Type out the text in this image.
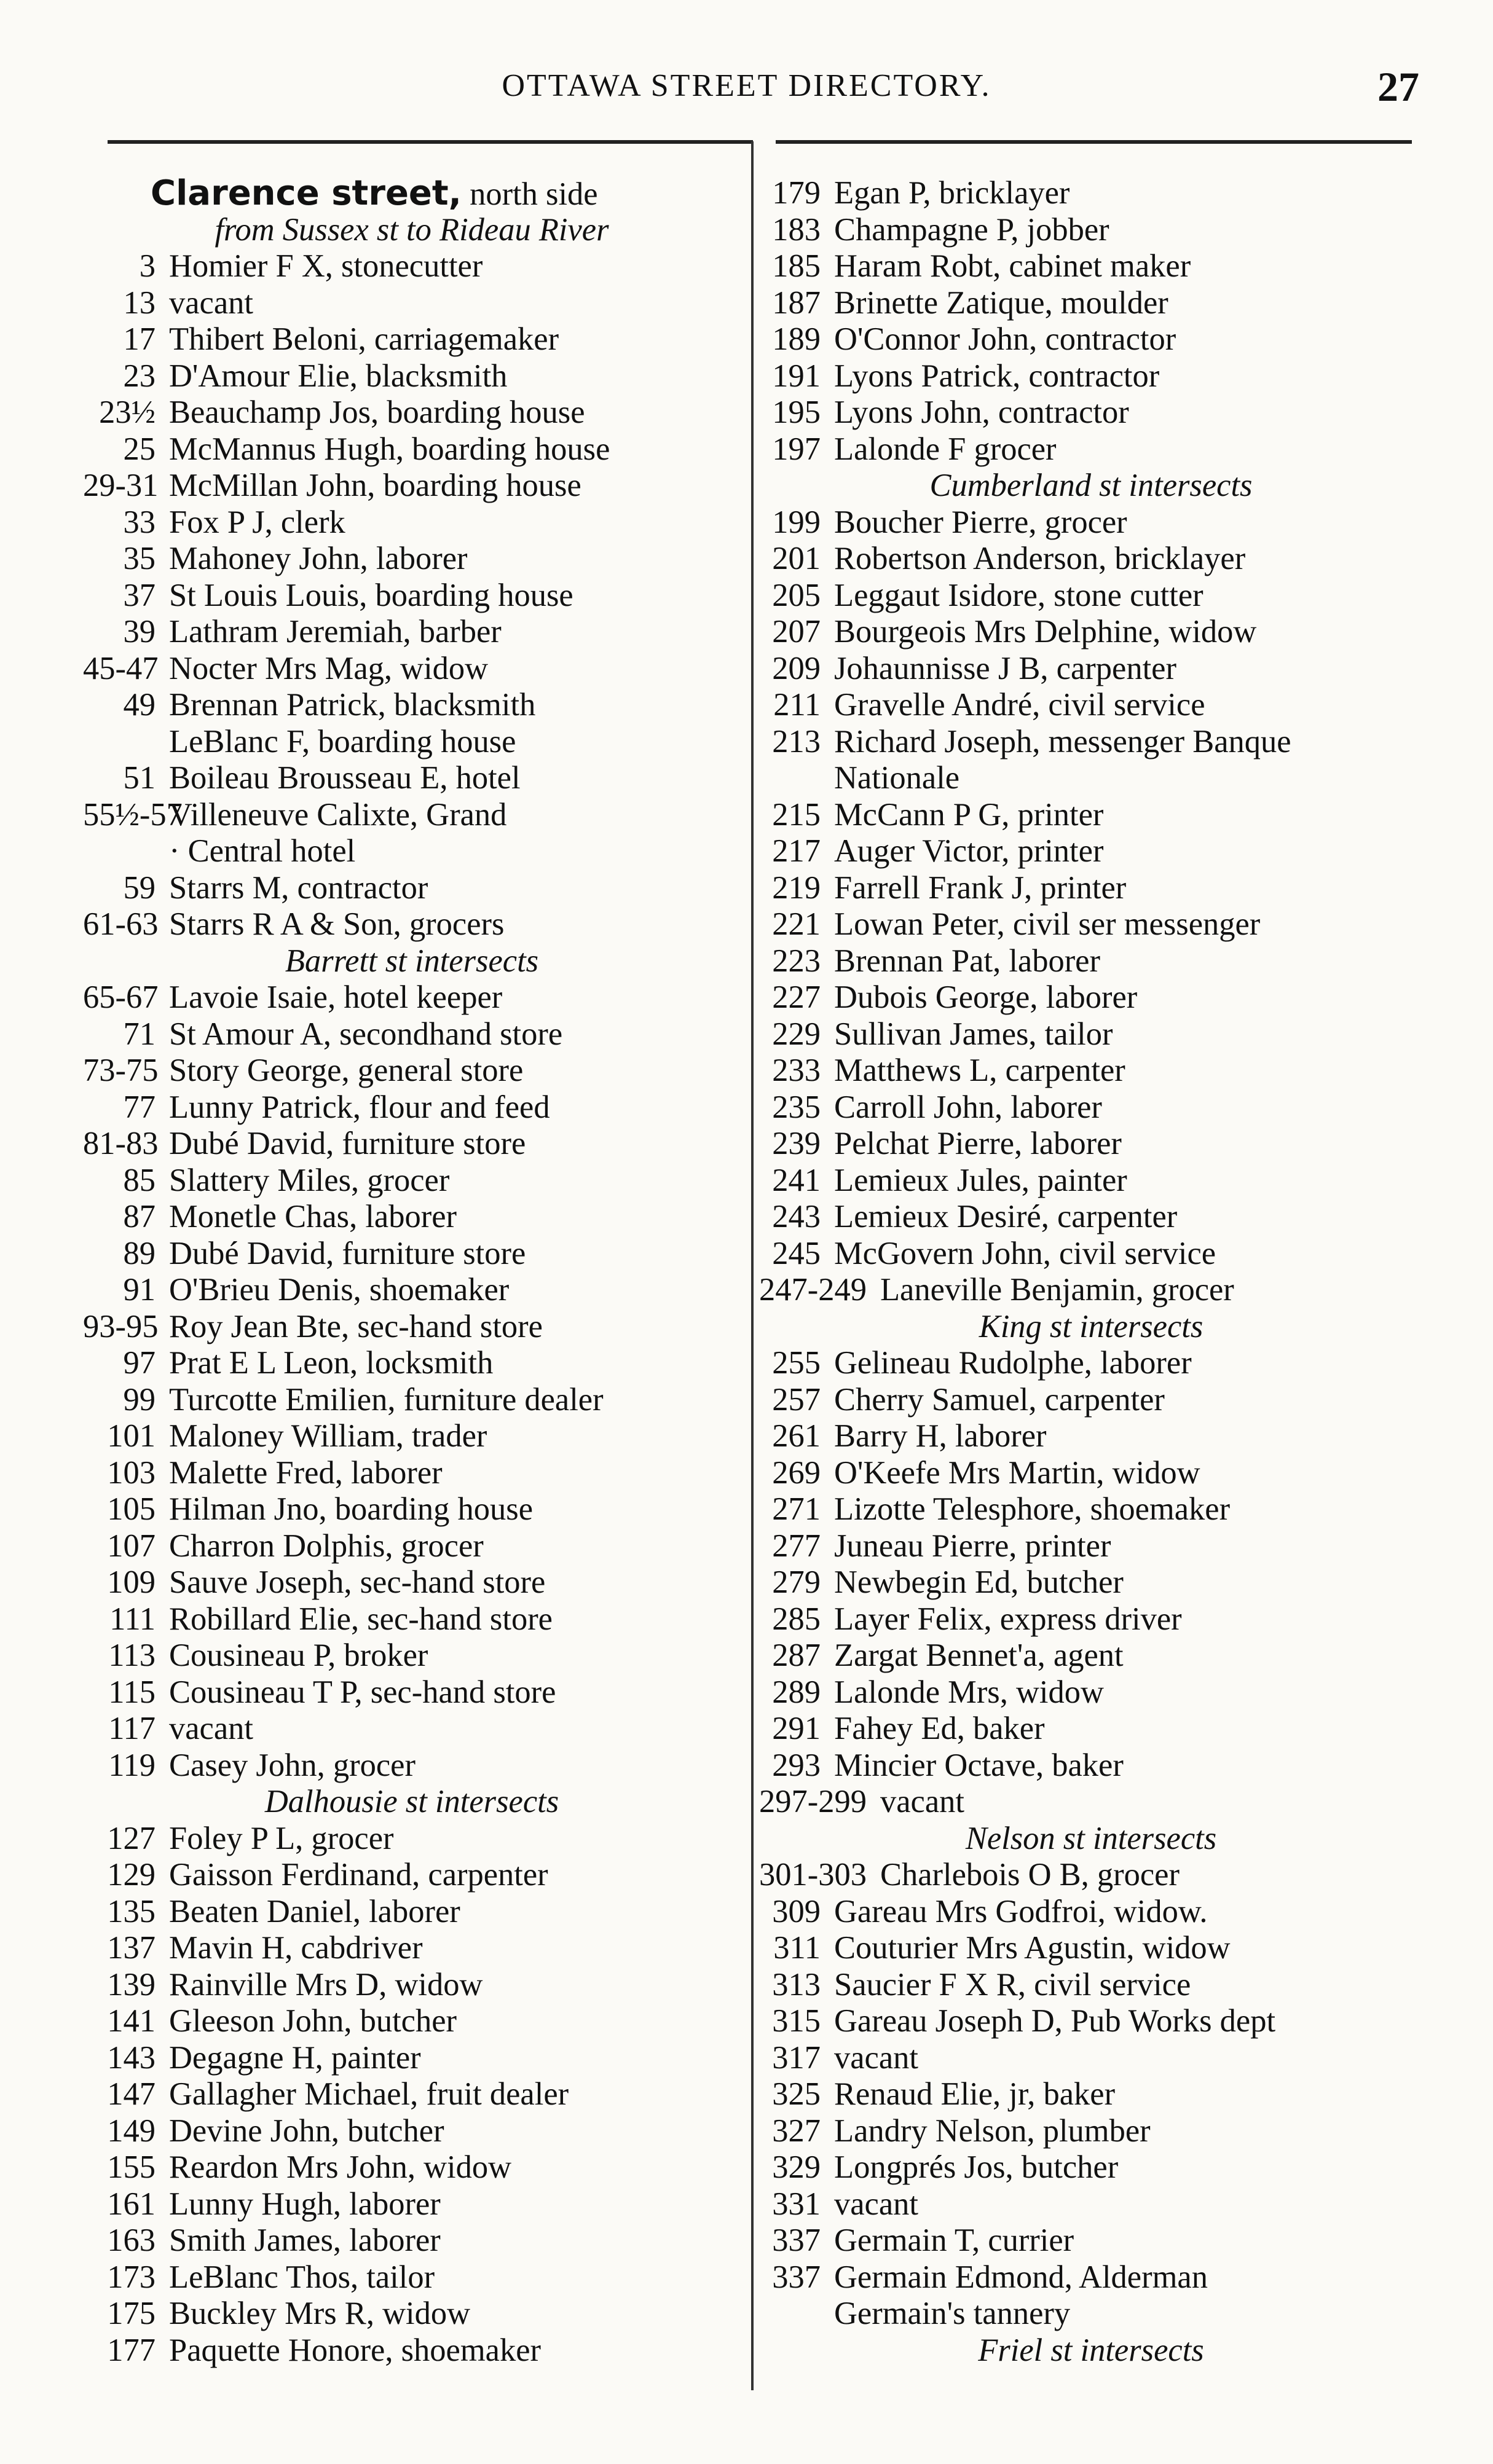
OTTAWA STREET DIRECTORY.	27
Clarence street, north side
from Sussex st to Rideau River
3 Homier F X, stonecutter
13 vacant
17 Thibert Beloni, carriagemaker
23 D'Amour Elie, blacksmith
23½ Beauchamp Jos, boarding house
25 McMannus Hugh, boarding house
29-31 McMillan John, boarding house
33 Fox P J, clerk
35 Mahoney John, laborer
37 St Louis Louis, boarding house
39 Lathram Jeremiah, barber
45-47 Nocter Mrs Mag, widow
49 Brennan Patrick, blacksmith
LeBlanc F, boarding house
51 Boileau Brousseau E, hotel
55½-57Villeneuve Calixte, Grand
· Central hotel
59 Starrs M, contractor
61-63 Starrs R A & Son, grocers
Barrett st intersects
65-67 Lavoie Isaie, hotel keeper
71 St Amour A, secondhand store
73-75 Story George, general store
77 Lunny Patrick, flour and feed
81-83 Dubé David, furniture store
85 Slattery Miles, grocer
87 Monetle Chas, laborer
89 Dubé David, furniture store
91 O'Brieu Denis, shoemaker
93-95 Roy Jean Bte, sec-hand store
97 Prat E L Leon, locksmith
99 Turcotte Emilien, furniture dealer
101 Maloney William, trader
103 Malette Fred, laborer
105 Hilman Jno, boarding house
107 Charron Dolphis, grocer
109 Sauve Joseph, sec-hand store
111 Robillard Elie, sec-hand store
113 Cousineau P, broker
115 Cousineau T P, sec-hand store
117 vacant
119 Casey John, grocer
Dalhousie st intersects
127 Foley P L, grocer
129 Gaisson Ferdinand, carpenter
135 Beaten Daniel, laborer
137 Mavin H, cabdriver
139 Rainville Mrs D, widow
141 Gleeson John, butcher
143 Degagne H, painter
147 Gallagher Michael, fruit dealer
149 Devine John, butcher
155 Reardon Mrs John, widow
161 Lunny Hugh, laborer
163 Smith James, laborer
173 LeBlanc Thos, tailor
175 Buckley Mrs R, widow
177 Paquette Honore, shoemaker
179 Egan P, bricklayer
183 Champagne P, jobber
185 Haram Robt, cabinet maker
187 Brinette Zatique, moulder
189 O'Connor John, contractor
191 Lyons Patrick, contractor
195 Lyons John, contractor
197 Lalonde F grocer
Cumberland st intersects
199 Boucher Pierre, grocer
201 Robertson Anderson, bricklayer
205 Leggaut Isidore, stone cutter
207 Bourgeois Mrs Delphine, widow
209 Johaunnisse J B, carpenter
211 Gravelle André, civil service
213 Richard Joseph, messenger Banque
Nationale
215 McCann P G, printer
217 Auger Victor, printer
219 Farrell Frank J, printer
221 Lowan Peter, civil ser messenger
223 Brennan Pat, laborer
227 Dubois George, laborer
229 Sullivan James, tailor
233 Matthews L, carpenter
235 Carroll John, laborer
239 Pelchat Pierre, laborer
241 Lemieux Jules, painter
243 Lemieux Desiré, carpenter
245 McGovern John, civil service
247-249 Laneville Benjamin, grocer
King st intersects
255 Gelineau Rudolphe, laborer
257 Cherry Samuel, carpenter
261 Barry H, laborer
269 O'Keefe Mrs Martin, widow
271 Lizotte Telesphore, shoemaker
277 Juneau Pierre, printer
279 Newbegin Ed, butcher
285 Layer Felix, express driver
287 Zargat Bennet'a, agent
289 Lalonde Mrs, widow
291 Fahey Ed, baker
293 Mincier Octave, baker
297-299 vacant
Nelson st intersects
301-303 Charlebois O B, grocer
309 Gareau Mrs Godfroi, widow.
311 Couturier Mrs Agustin, widow
313 Saucier F X R, civil service
315 Gareau Joseph D, Pub Works dept
317 vacant
325 Renaud Elie, jr, baker
327 Landry Nelson, plumber
329 Longprés Jos, butcher
331 vacant
337 Germain T, currier
337 Germain Edmond, Alderman
Germain's tannery
Friel st intersects
